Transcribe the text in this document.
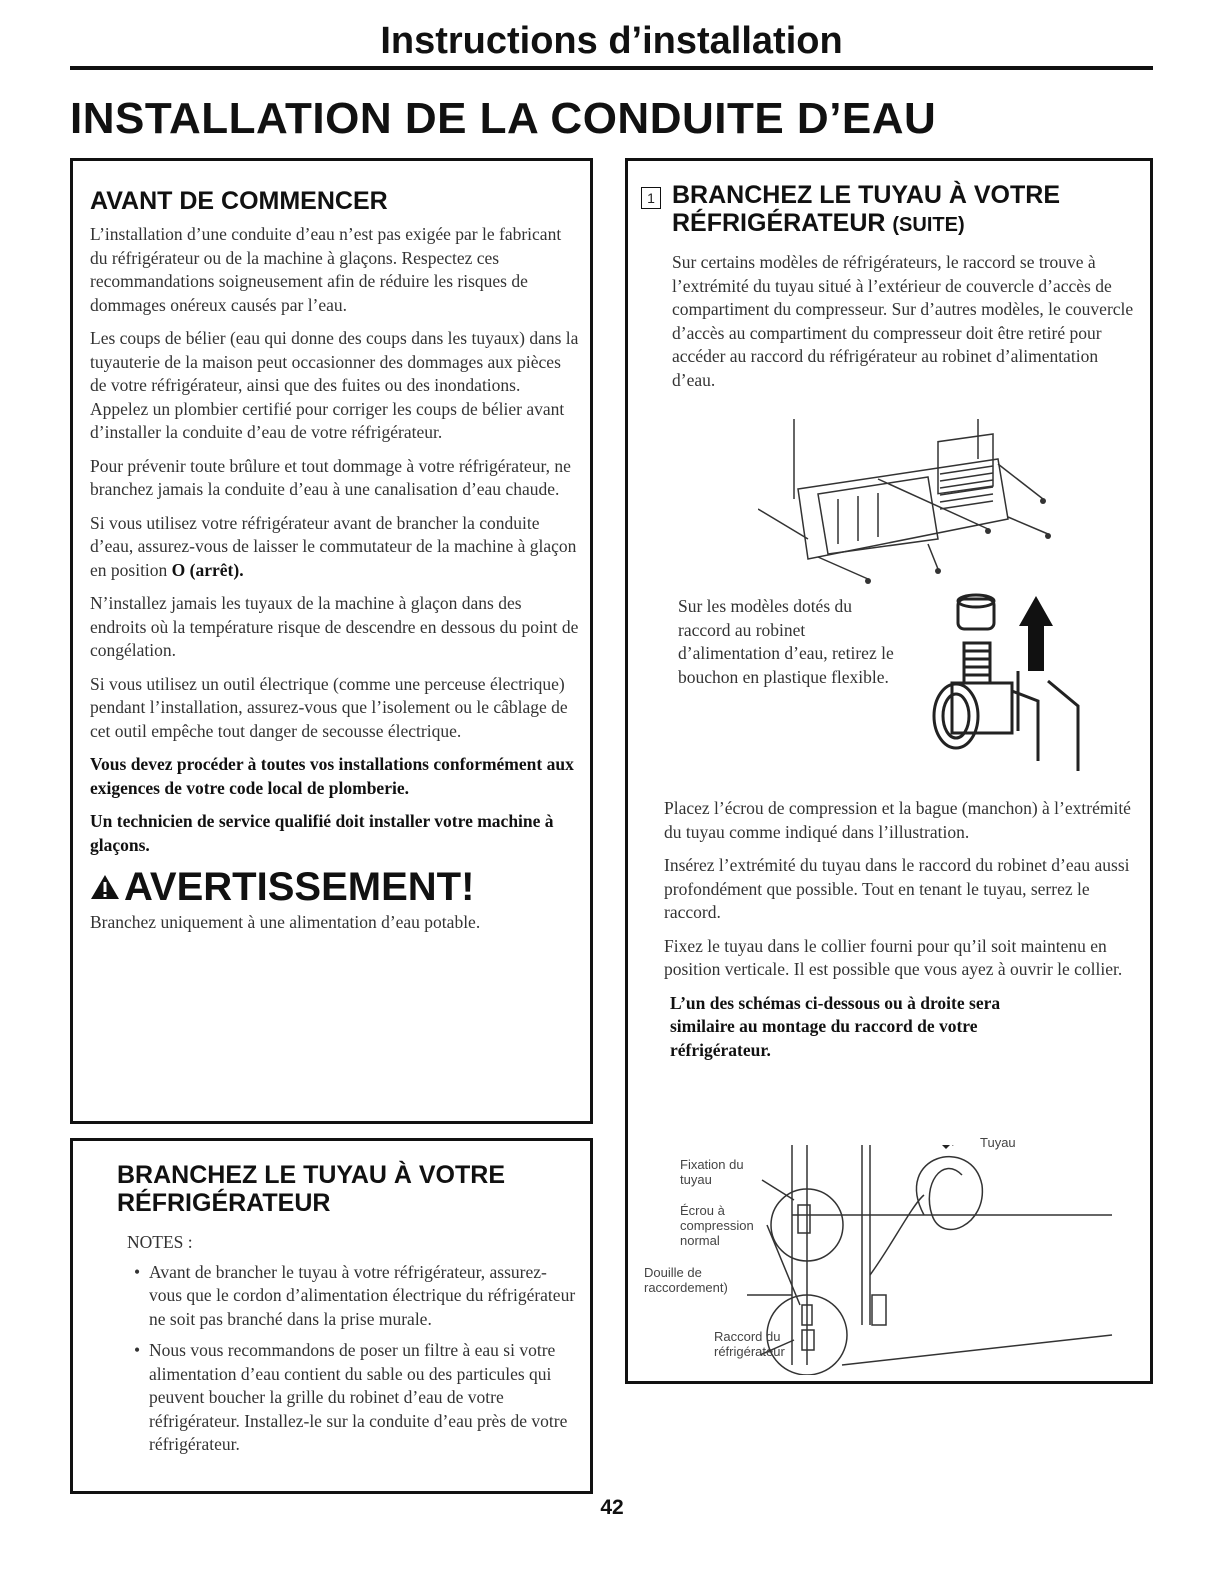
Instructions d’installation
INSTALLATION DE LA CONDUITE D’EAU
AVANT DE COMMENCER

L’installation d’une conduite d’eau n’est pas exigée par le fabricant du réfrigérateur ou de la machine à glaçons. Respectez ces recommandations soigneusement afin de réduire les risques de dommages onéreux causés par l’eau.

Les coups de bélier (eau qui donne des coups dans les tuyaux) dans la tuyauterie de la maison peut occasionner des dommages aux pièces de votre réfrigérateur, ainsi que des fuites ou des inondations. Appelez un plombier certifié pour corriger les coups de bélier avant d’installer la conduite d’eau de votre réfrigérateur.

Pour prévenir toute brûlure et tout dommage à votre réfrigérateur, ne branchez jamais la conduite d’eau à une canalisation d’eau chaude.

Si vous utilisez votre réfrigérateur avant de brancher la conduite d’eau, assurez-vous de laisser le commutateur de la machine à glaçon en position O (arrêt).

N’installez jamais les tuyaux de la machine à glaçon dans des endroits où la température risque de descendre en dessous du point de congélation.

Si vous utilisez un outil électrique (comme une perceuse électrique) pendant l’installation, assurez-vous que l’isolement ou le câblage de cet outil empêche tout danger de secousse électrique.

Vous devez procéder à toutes vos installations conformément aux exigences de votre code local de plomberie.

Un technicien de service qualifié doit installer votre machine à glaçons.

AVERTISSEMENT!

Branchez uniquement à une alimentation d’eau potable.

BRANCHEZ LE TUYAU À VOTRE
RÉFRIGÉRATEUR
NOTES :
• Avant de brancher le tuyau à votre réfrigérateur, assurez-vous que le cordon d’alimentation électrique du réfrigérateur ne soit pas branché dans la prise murale.
• Nous vous recommandons de poser un filtre à eau si votre alimentation d’eau contient du sable ou des particules qui peuvent boucher la grille du robinet d’eau de votre réfrigérateur. Installez-le sur la conduite d’eau près de votre réfrigérateur.
1 BRANCHEZ LE TUYAU À VOTRE
RÉFRIGÉRATEUR (SUITE)

Sur certains modèles de réfrigérateurs, le raccord se trouve à l’extrémité du tuyau situé à l’extérieur de couvercle d’accès de compartiment du compresseur. Sur d’autres modèles, le couvercle d’accès au compartiment du compresseur doit être retiré pour accéder au raccord du réfrigérateur au robinet d’alimentation d’eau.

Sur les modèles dotés du raccord au robinet d’alimentation d’eau, retirez le bouchon en plastique flexible.

Placez l’écrou de compression et la bague (manchon) à l’extrémité du tuyau comme indiqué dans l’illustration.

Insérez l’extrémité du tuyau dans le raccord du robinet d’eau aussi profondément que possible. Tout en tenant le tuyau, serrez le raccord.

Fixez le tuyau dans le collier fourni pour qu’il soit maintenu en position verticale. Il est possible que vous ayez à ouvrir le collier.

L’un des schémas ci-dessous ou à droite sera similaire au montage du raccord de votre réfrigérateur.

Tuyau
Fixation du tuyau
Écrou à compression normal
Douille de raccordement)
Raccord du réfrigérateur
42
